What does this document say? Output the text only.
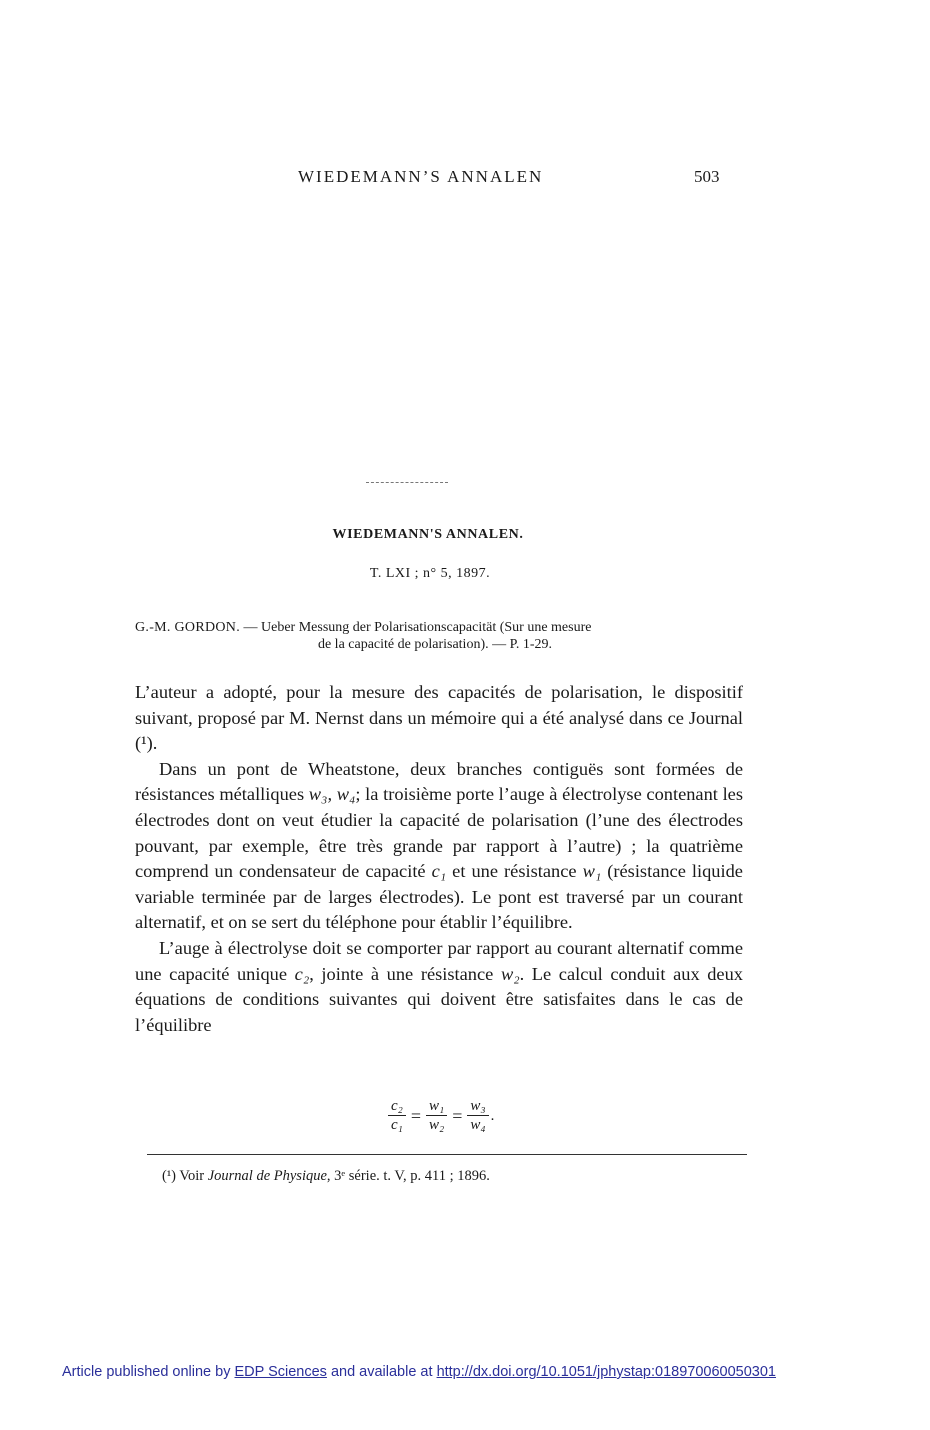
WIEDEMANN’S ANNALEN	503
WIEDEMANN'S ANNALEN.
T. LXI ; n° 5, 1897.
G.-M. GORDON. — Ueber Messung der Polarisationscapacität (Sur une mesure
de la capacité de polarisation). — P. 1-29.

L’auteur a adopté, pour la mesure des capacités de polarisation, le dispositif suivant, proposé par M. Nernst dans un mémoire qui a été analysé dans ce Journal (¹).

Dans un pont de Wheatstone, deux branches contiguës sont formées de résistances métalliques w₃, w₄; la troisième porte l’auge à électrolyse contenant les électrodes dont on veut étudier la capacité de polarisation (l’une des électrodes pouvant, par exemple, être très grande par rapport à l’autre) ; la quatrième comprend un condensateur de capacité c₁ et une résistance w₁ (résistance liquide variable terminée par de larges électrodes). Le pont est traversé par un courant alternatif, et on se sert du téléphone pour établir l’équilibre.

L’auge à électrolyse doit se comporter par rapport au courant alternatif comme une capacité unique c₂, jointe à une résistance w₂. Le calcul conduit aux deux équations de conditions suivantes qui doivent être satisfaites dans le cas de l’équilibre

$\frac{\text{c₂}}{\text{c₁}} = \frac{\text{w₁}}{\text{w₂}} = \frac{\text{w₃}}{\text{w₄}}$ .
(¹) Voir Journal de Physique, 3ᵉ série. t. V, p. 411 ; 1896.
Article published online by EDP Sciences and available at http://dx.doi.org/10.1051/jphystap:018970060050301
